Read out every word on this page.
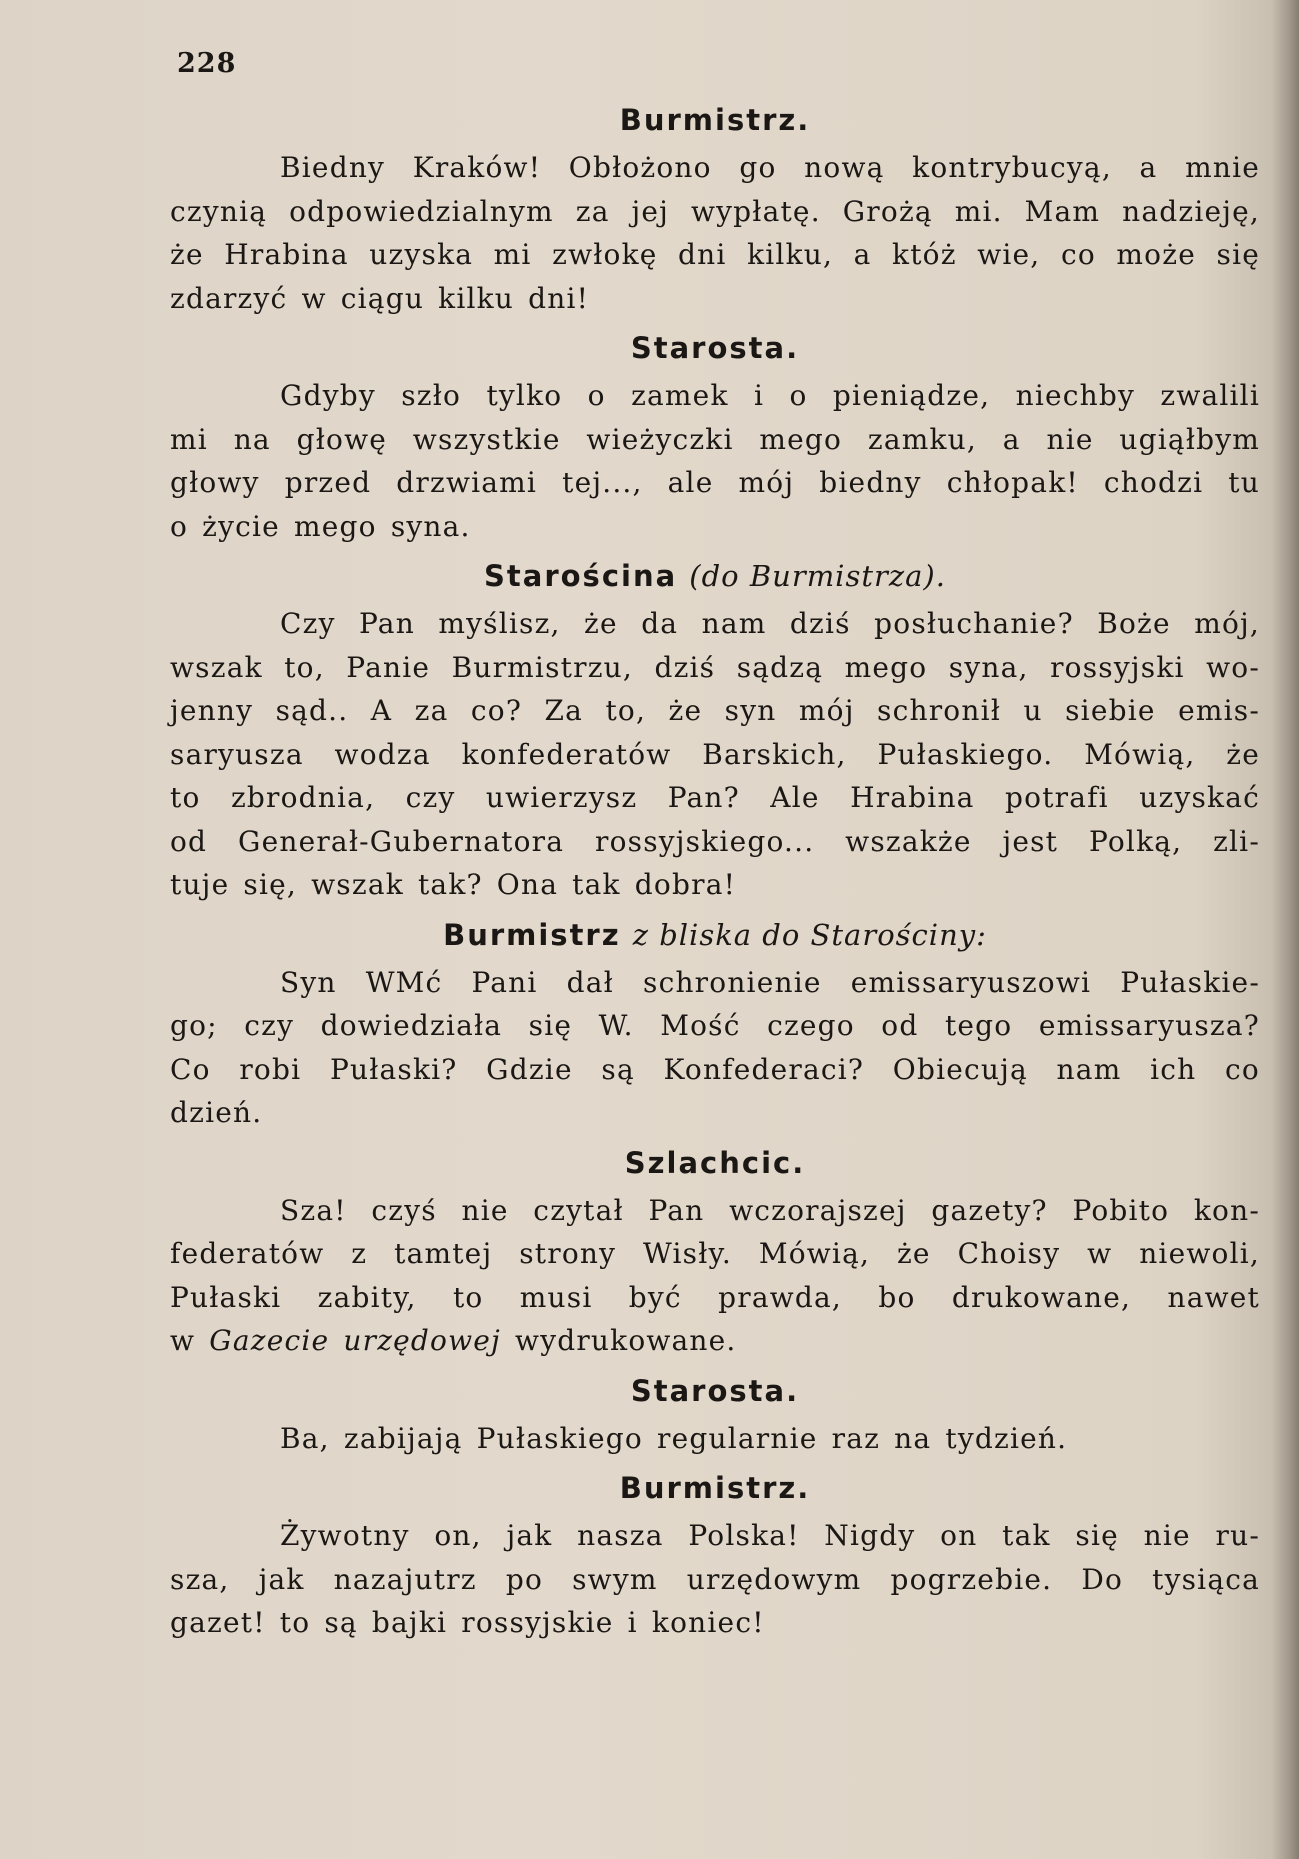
228
Burmistrz.
Biedny Kraków! Obłożono go nową kontrybucyą, a mnie
czynią odpowiedzialnym za jej wypłatę. Grożą mi. Mam nadzieję,
że Hrabina uzyska mi zwłokę dni kilku, a któż wie, co może się
zdarzyć w ciągu kilku dni!
Starosta.
Gdyby szło tylko o zamek i o pieniądze, niechby zwalili
mi na głowę wszystkie wieżyczki mego zamku, a nie ugiąłbym
głowy przed drzwiami tej..., ale mój biedny chłopak! chodzi tu
o życie mego syna.
Starościna (do Burmistrza).
Czy Pan myślisz, że da nam dziś posłuchanie? Boże mój,
wszak to, Panie Burmistrzu, dziś sądzą mego syna, rossyjski wo-
jenny sąd.. A za co? Za to, że syn mój schronił u siebie emis-
saryusza wodza konfederatów Barskich, Pułaskiego. Mówią, że
to zbrodnia, czy uwierzysz Pan? Ale Hrabina potrafi uzyskać
od Generał-Gubernatora rossyjskiego... wszakże jest Polką, zli-
tuje się, wszak tak? Ona tak dobra!
Burmistrz z bliska do Starościny:
Syn WMć Pani dał schronienie emissaryuszowi Pułaskie-
go; czy dowiedziała się W. Mość czego od tego emissaryusza?
Co robi Pułaski? Gdzie są Konfederaci? Obiecują nam ich co
dzień.
Szlachcic.
Sza! czyś nie czytał Pan wczorajszej gazety? Pobito kon-
federatów z tamtej strony Wisły. Mówią, że Choisy w niewoli,
Pułaski zabity, to musi być prawda, bo drukowane, nawet
w Gazecie urzędowej wydrukowane.
Starosta.
Ba, zabijają Pułaskiego regularnie raz na tydzień.
Burmistrz.
Żywotny on, jak nasza Polska! Nigdy on tak się nie ru-
sza, jak nazajutrz po swym urzędowym pogrzebie. Do tysiąca
gazet! to są bajki rossyjskie i koniec!
